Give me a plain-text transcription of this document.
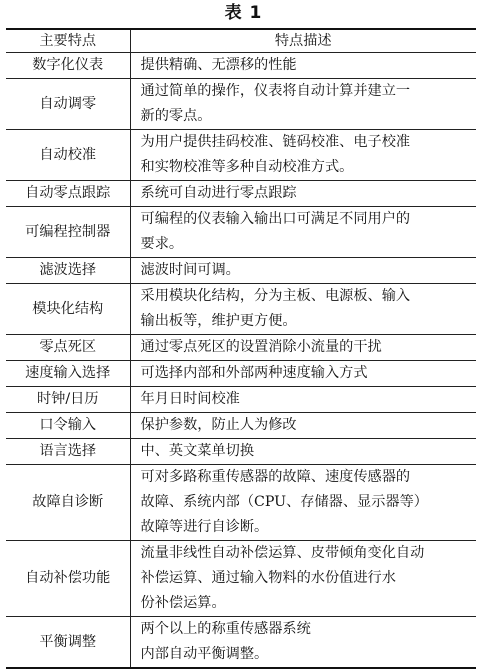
表 1
主要特点	特点描述
数字化仪表	提供精确、无漂移的性能
自动调零	通过简单的操作，仪表将自动计算并建立一
新的零点。
自动校准	为用户提供挂码校准、链码校准、电子校准
和实物校准等多种自动校准方式。
自动零点跟踪	系统可自动进行零点跟踪
可编程控制器	可编程的仪表输入输出口可满足不同用户的
要求。
滤波选择	滤波时间可调。
模块化结构	采用模块化结构，分为主板、电源板、输入
输出板等，维护更方便。
零点死区	通过零点死区的设置消除小流量的干扰
速度输入选择	可选择内部和外部两种速度输入方式
时钟/日历	年月日时间校准
口令输入	保护参数，防止人为修改
语言选择	中、英文菜单切换
故障自诊断	可对多路称重传感器的故障、速度传感器的
故障、系统内部（CPU、存储器、显示器等）
故障等进行自诊断。
自动补偿功能	流量非线性自动补偿运算、皮带倾角变化自动
补偿运算、通过输入物料的水份值进行水
份补偿运算。
平衡调整	两个以上的称重传感器系统
内部自动平衡调整。
